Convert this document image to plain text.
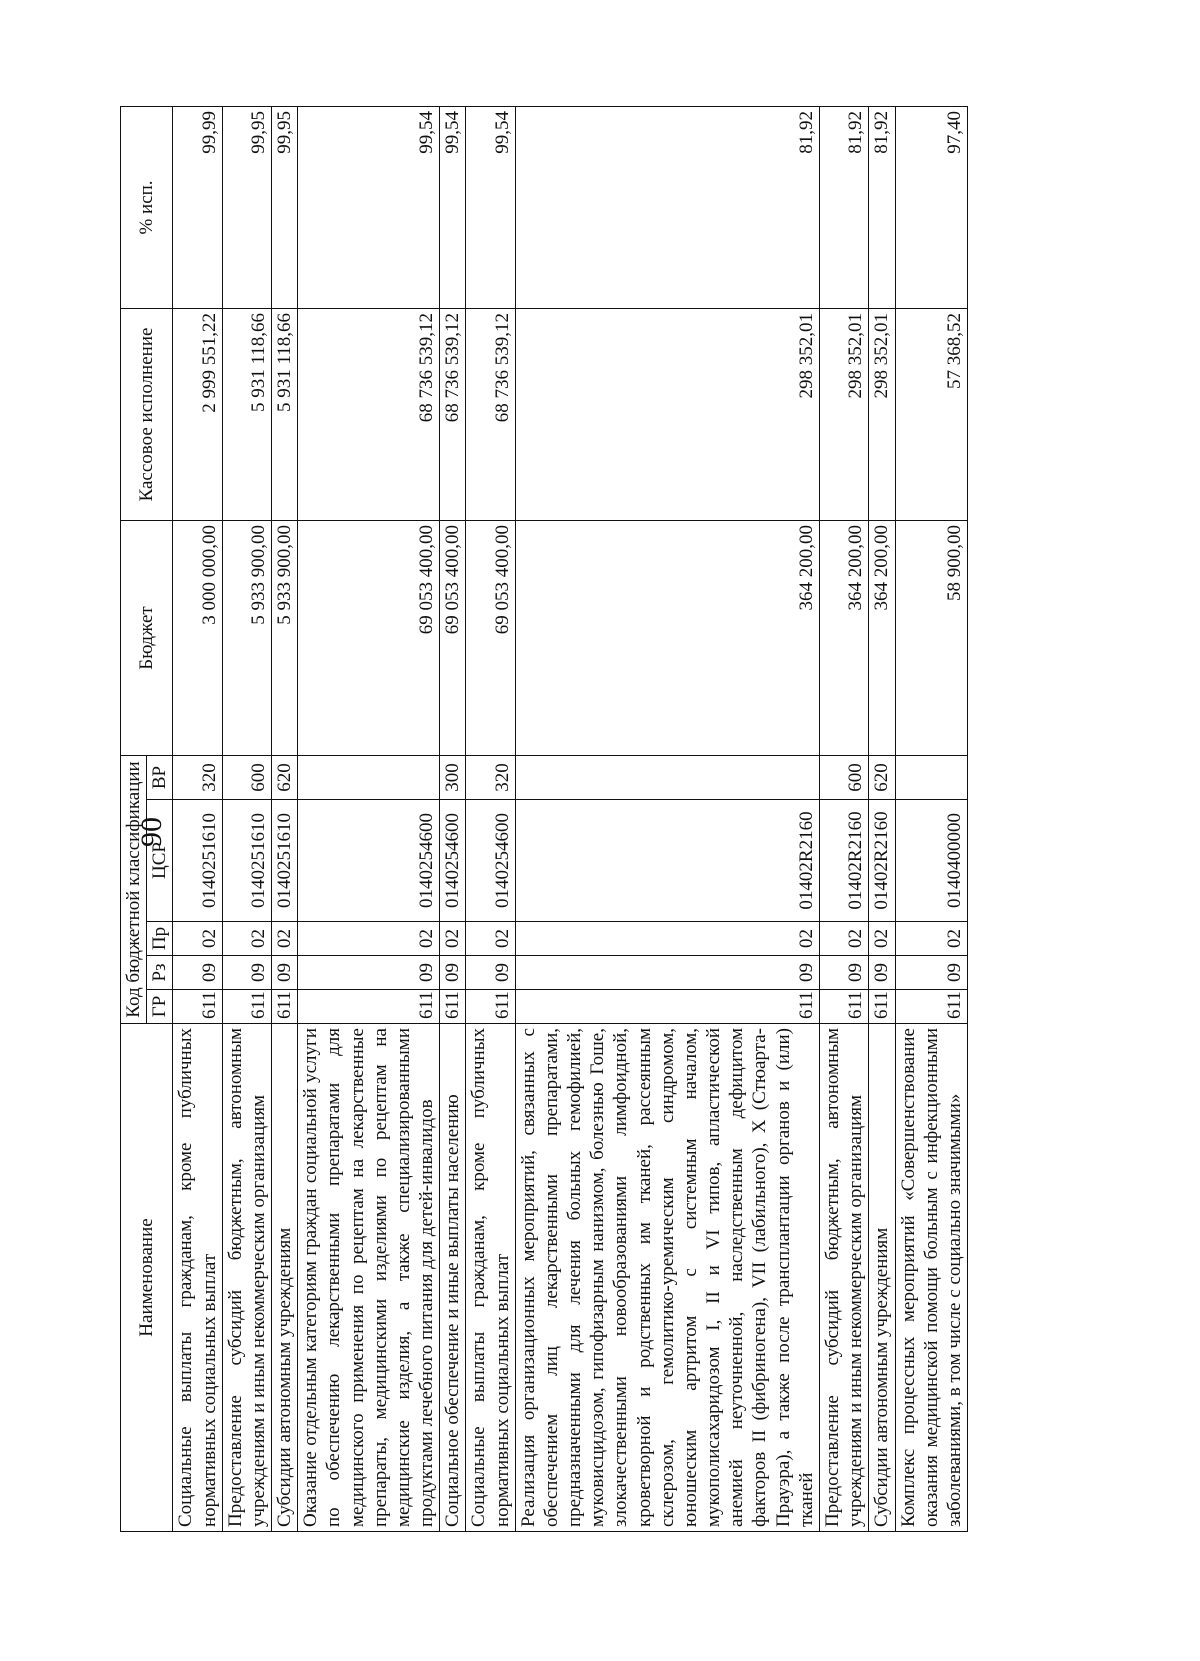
90
Наименование	Код бюджетной классификации					Бюджет	Кассовое исполнение	% исп.
	ГР	Рз	Пр	ЦСР	ВР			
Социальные выплаты гражданам, кроме публичных нормативных социальных выплат	611	09	02	0140251610	320	3 000 000,00	2 999 551,22	99,99
Предоставление субсидий бюджетным, автономным учреждениям и иным некоммерческим организациям	611	09	02	0140251610	600	5 933 900,00	5 931 118,66	99,95
Субсидии автономным учреждениям	611	09	02	0140251610	620	5 933 900,00	5 931 118,66	99,95
Оказание отдельным категориям граждан социальной услуги по обеспечению лекарственными препаратами для медицинского применения по рецептам на лекарственные препараты, медицинскими изделиями по рецептам на медицинские изделия, а также специализированными продуктами лечебного питания для детей-инвалидов	611	09	02	0140254600		69 053 400,00	68 736 539,12	99,54
Социальное обеспечение и иные выплаты населению	611	09	02	0140254600	300	69 053 400,00	68 736 539,12	99,54
Социальные выплаты гражданам, кроме публичных нормативных социальных выплат	611	09	02	0140254600	320	69 053 400,00	68 736 539,12	99,54
Реализация организационных мероприятий, связанных с обеспечением лиц лекарственными препаратами, предназначенными для лечения больных гемофилией, муковисцидозом, гипофизарным нанизмом, болезнью Гоше, злокачественными новообразованиями лимфоидной, кроветворной и родственных им тканей, рассеянным склерозом, гемолитико-уремическим синдромом, юношеским артритом с системным началом, мукополисахаридозом I, II и VI типов, апластической анемией неуточненной, наследственным дефицитом факторов II (фибриногена), VII (лабильного), X (Стюарта-Прауэра), а также после трансплантации органов и (или) тканей	611	09	02	01402R2160		364 200,00	298 352,01	81,92
Предоставление субсидий бюджетным, автономным учреждениям и иным некоммерческим организациям	611	09	02	01402R2160	600	364 200,00	298 352,01	81,92
Субсидии автономным учреждениям	611	09	02	01402R2160	620	364 200,00	298 352,01	81,92
Комплекс процессных мероприятий «Совершенствование оказания медицинской помощи больным с инфекционными заболеваниями, в том числе с социально значимыми»	611	09	02	0140400000		58 900,00	57 368,52	97,40
